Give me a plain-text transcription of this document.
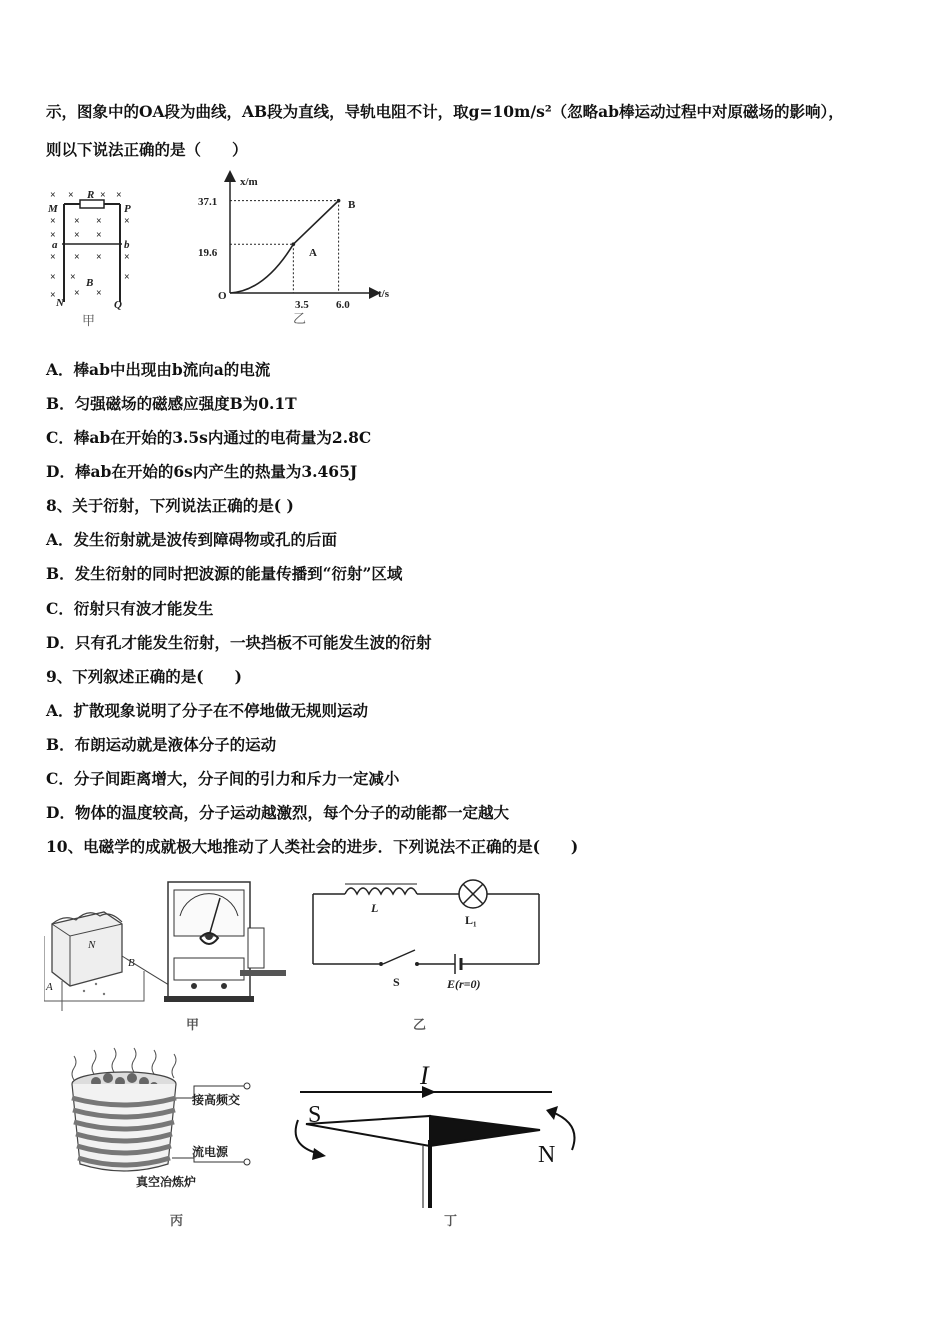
示，图象中的OA段为曲线，AB段为直线，导轨电阻不计，取g=10m/s²（忽略ab棒运动过程中对原磁场的影响），
则以下说法正确的是（　　）
× ×	× ×
× × × ×
× × ×
× ×
×	×
× ×	×
× ×
×
R
M	P
a	b
B
N	Q
甲
x/m
t/s
O
37.1
19.6
3.5 6.0
A
B
乙
A．棒ab中出现由b流向a的电流
B．匀强磁场的磁感应强度B为0.1T
C．棒ab在开始的3.5s内通过的电荷量为2.8C
D．棒ab在开始的6s内产生的热量为3.465J
8、关于衍射，下列说法正确的是( )
A．发生衍射就是波传到障碍物或孔的后面
B．发生衍射的同时把波源的能量传播到“衍射”区域
C．衍射只有波才能发生
D．只有孔才能发生衍射，一块挡板不可能发生波的衍射
9、下列叙述正确的是(　　)
A．扩散现象说明了分子在不停地做无规则运动
B．布朗运动就是液体分子的运动
C．分子间距离增大，分子间的引力和斥力一定减小
D．物体的温度较高，分子运动越激烈，每个分子的动能都一定越大
10、电磁学的成就极大地推动了人类社会的进步．下列说法不正确的是(　　)
N
A
B
甲
L
L₁
S	E(r=0)
乙
接高频交
流电源
真空冶炼炉
丙
I
S
N
丁
